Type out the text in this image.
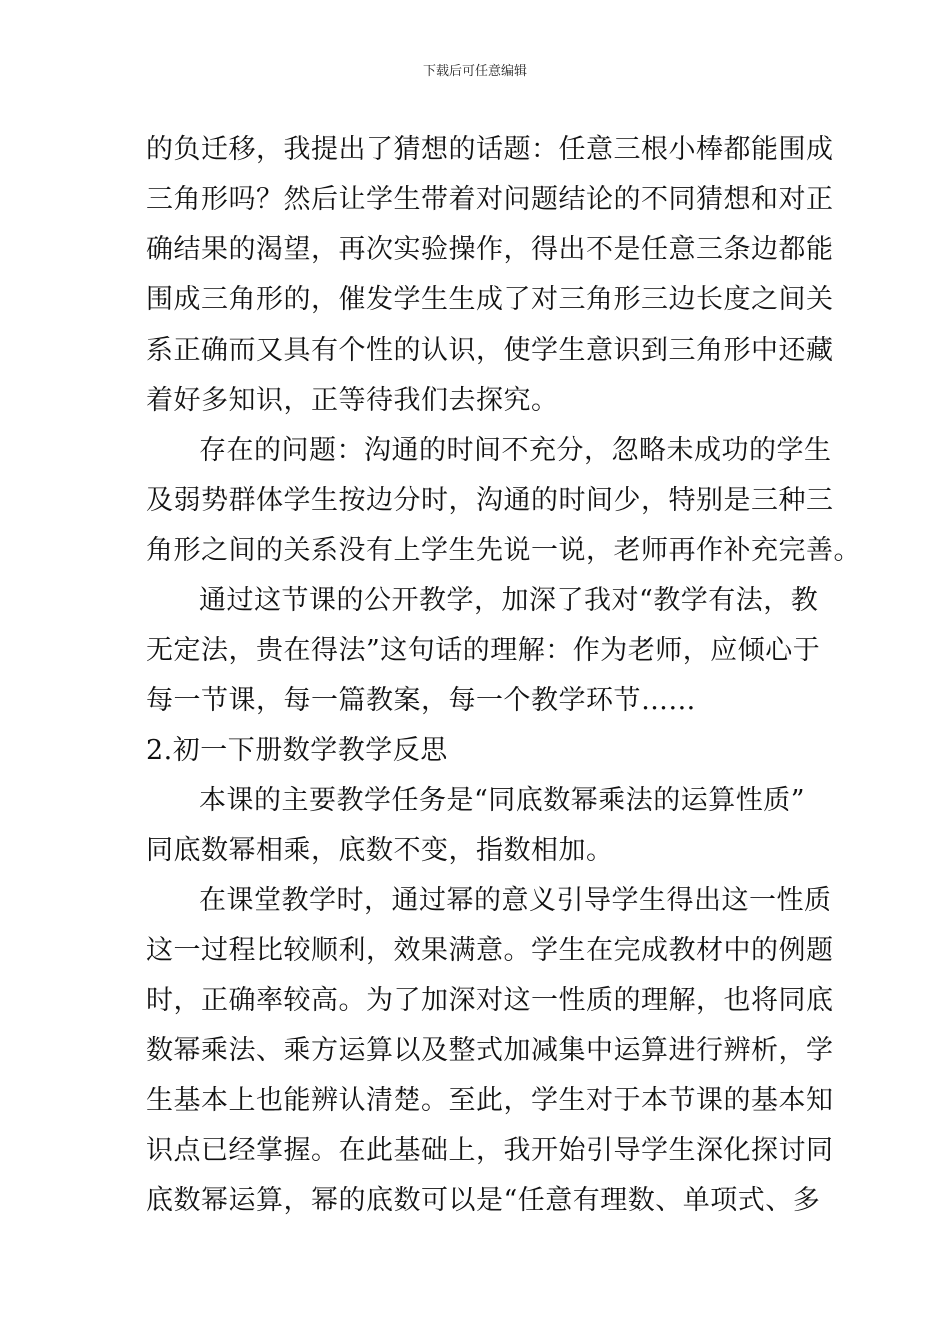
下载后可任意编辑
的负迁移，我提出了猜想的话题：任意三根小棒都能围成
三角形吗？然后让学生带着对问题结论的不同猜想和对正
确结果的渴望，再次实验操作，得出不是任意三条边都能
围成三角形的，催发学生生成了对三角形三边长度之间关
系正确而又具有个性的认识，使学生意识到三角形中还藏
着好多知识，正等待我们去探究。
存在的问题：沟通的时间不充分，忽略未成功的学生
及弱势群体学生按边分时，沟通的时间少，特别是三种三
角形之间的关系没有上学生先说一说，老师再作补充完善。
通过这节课的公开教学，加深了我对“教学有法，教
无定法，贵在得法”这句话的理解：作为老师，应倾心于
每一节课，每一篇教案，每一个教学环节…...
2.初一下册数学教学反思
本课的主要教学任务是“同底数幂乘法的运算性质”
同底数幂相乘，底数不变，指数相加。
在课堂教学时，通过幂的意义引导学生得出这一性质
这一过程比较顺利，效果满意。学生在完成教材中的例题
时，正确率较高。为了加深对这一性质的理解，也将同底
数幂乘法、乘方运算以及整式加减集中运算进行辨析，学
生基本上也能辨认清楚。至此，学生对于本节课的基本知
识点已经掌握。在此基础上，我开始引导学生深化探讨同
底数幂运算，幂的底数可以是“任意有理数、单项式、多
